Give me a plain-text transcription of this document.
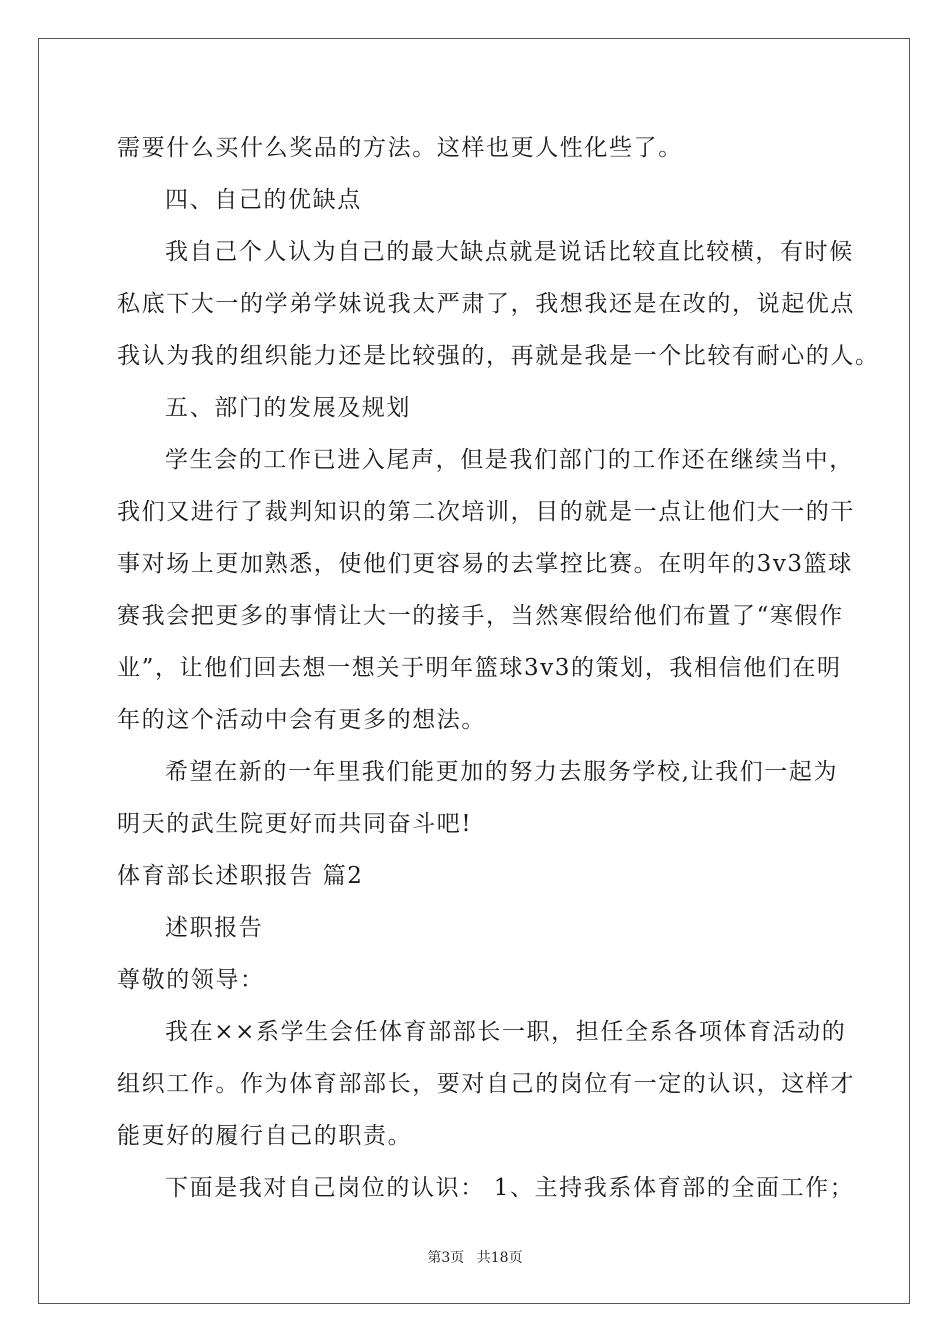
需要什么买什么奖品的方法。这样也更人性化些了。
四、自己的优缺点
我自己个人认为自己的最大缺点就是说话比较直比较横，有时候
私底下大一的学弟学妹说我太严肃了，我想我还是在改的，说起优点
我认为我的组织能力还是比较强的，再就是我是一个比较有耐心的人。
五、部门的发展及规划
学生会的工作已进入尾声，但是我们部门的工作还在继续当中，
我们又进行了裁判知识的第二次培训，目的就是一点让他们大一的干
事对场上更加熟悉，使他们更容易的去掌控比赛。在明年的3v3篮球
赛我会把更多的事情让大一的接手，当然寒假给他们布置了“寒假作
业”，让他们回去想一想关于明年篮球3v3的策划，我相信他们在明
年的这个活动中会有更多的想法。
希望在新的一年里我们能更加的努力去服务学校,让我们一起为
明天的武生院更好而共同奋斗吧!
体育部长述职报告 篇2
述职报告
尊敬的领导：
我在××系学生会任体育部部长一职，担任全系各项体育活动的
组织工作。作为体育部部长，要对自己的岗位有一定的认识，这样才
能更好的履行自己的职责。
下面是我对自己岗位的认识： 1、主持我系体育部的全面工作；
第3页 共18页
